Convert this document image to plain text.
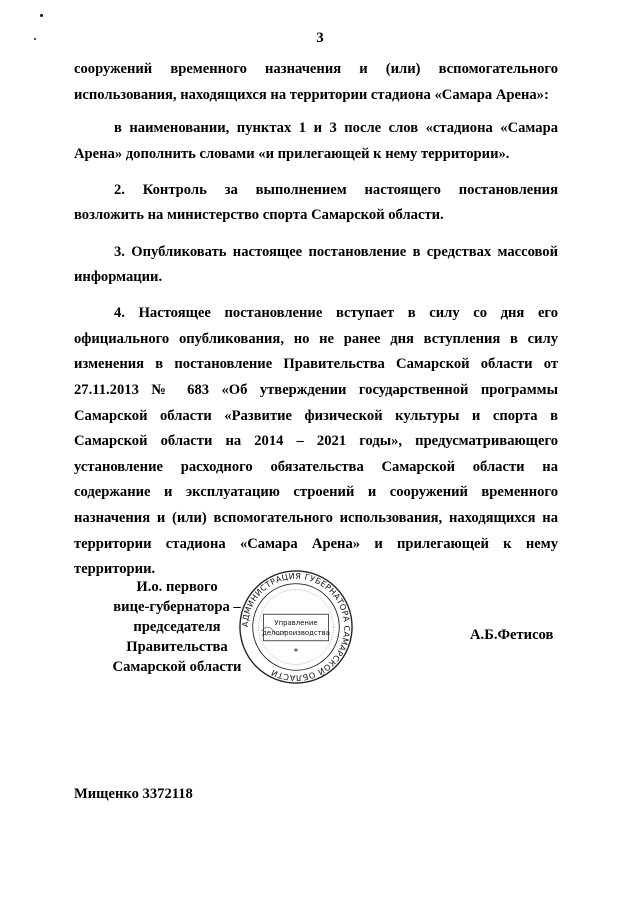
3

сооружений временного назначения и (или) вспомогательного использования, находящихся на территории стадиона «Самара Арена»:

в наименовании, пунктах 1 и 3 после слов «стадиона «Самара Арена» дополнить словами «и прилегающей к нему территории».

2. Контроль за выполнением настоящего постановления возложить на министерство спорта Самарской области.

3. Опубликовать настоящее постановление в средствах массовой информации.

4. Настоящее постановление вступает в силу со дня его официального опубликования, но не ранее дня вступления в силу изменения в постановление Правительства Самарской области от 27.11.2013 № 683 «Об утверждении государственной программы Самарской области «Развитие физической культуры и спорта в Самарской области на 2014 – 2021 годы», предусматривающего установление расходного обязательства Самарской области на содержание и эксплуатацию строений и сооружений временного назначения и (или) вспомогательного использования, находящихся на территории стадиона «Самара Арена» и прилегающей к нему территории.

И.о. первого
вице-губернатора –
председателя Правительства
Самарской области
АДМИНИСТРАЦИЯ ГУБЕРНАТОРА САМАРСКОЙ ОБЛАСТИ
Управление
делопроизводства
*
А.Б.Фетисов
Мищенко 3372118
